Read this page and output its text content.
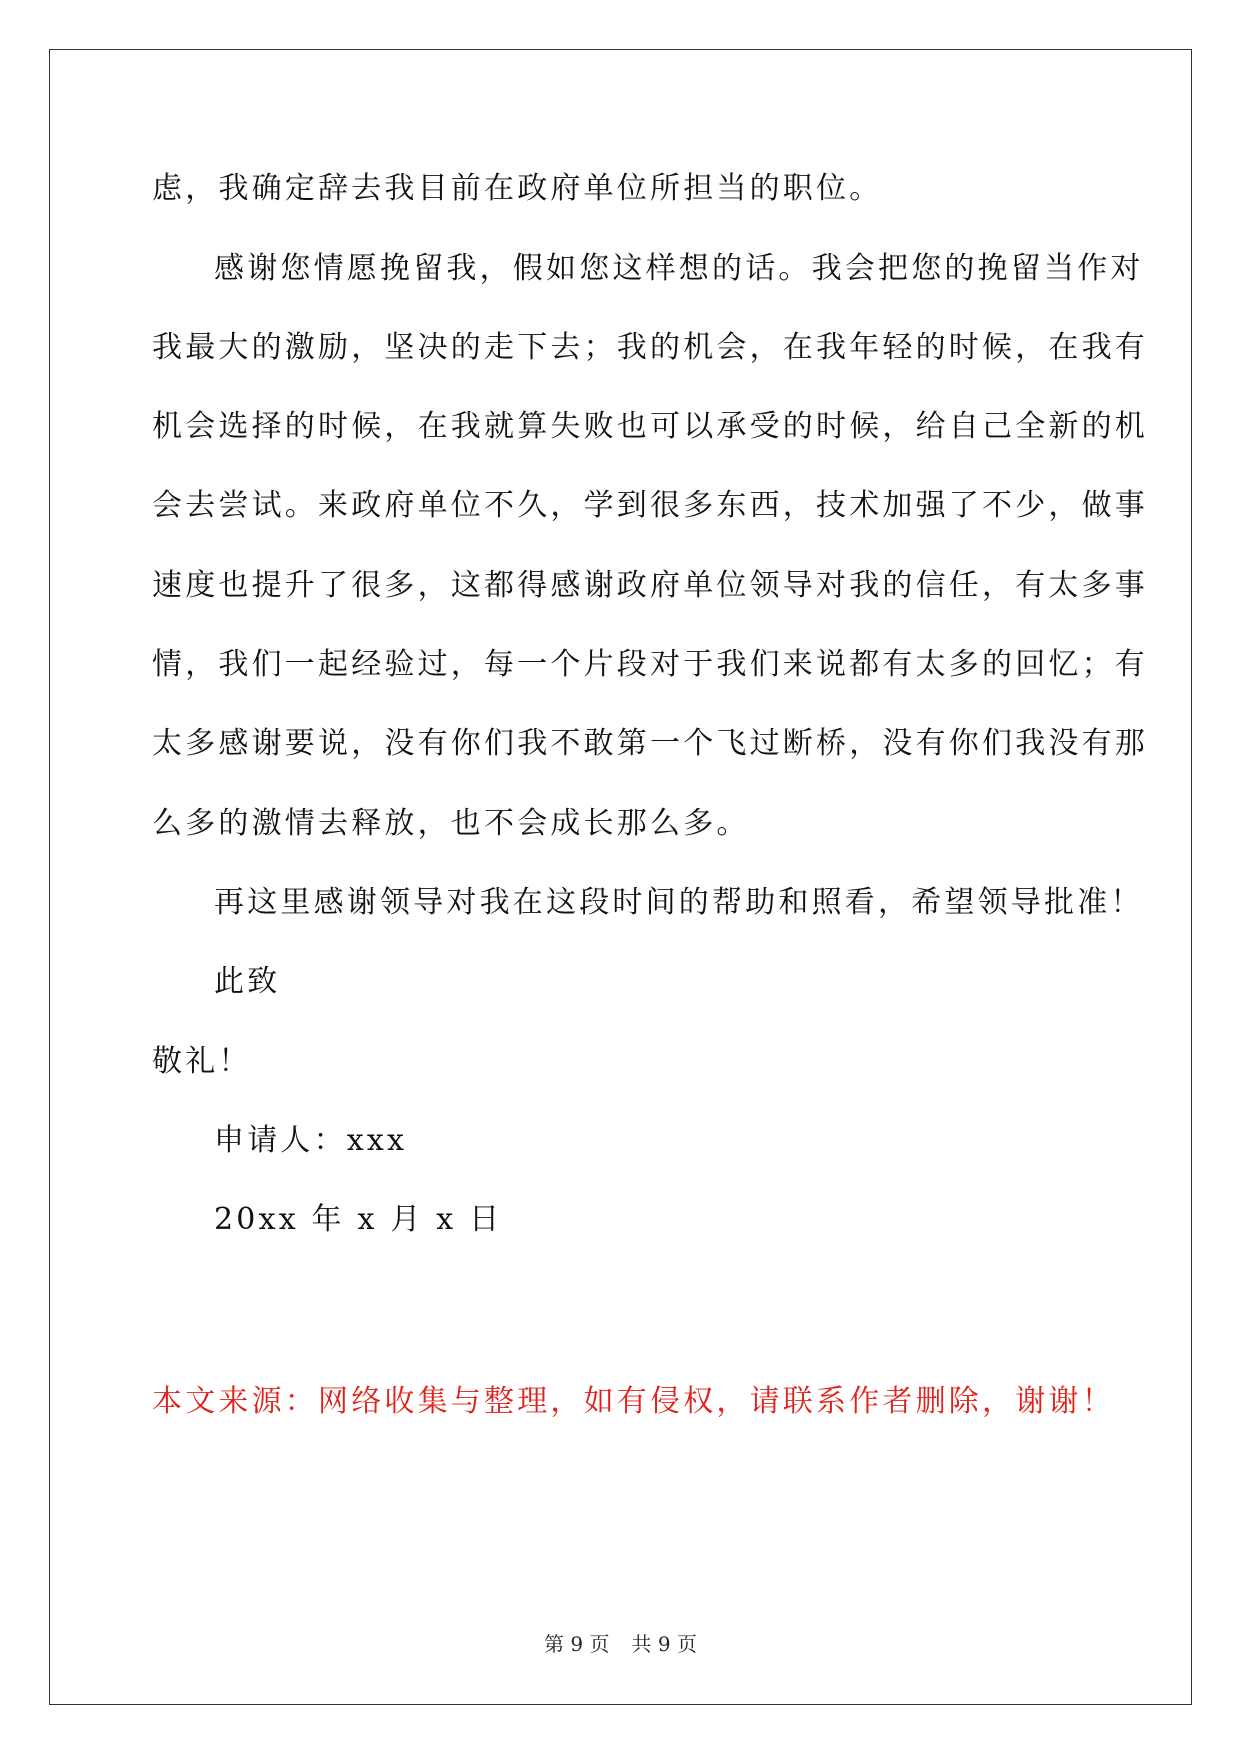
虑，我确定辞去我目前在政府单位所担当的职位。
感谢您情愿挽留我，假如您这样想的话。我会把您的挽留当作对
我最大的激励，坚决的走下去；我的机会，在我年轻的时候，在我有
机会选择的时候，在我就算失败也可以承受的时候，给自己全新的机
会去尝试。来政府单位不久，学到很多东西，技术加强了不少，做事
速度也提升了很多，这都得感谢政府单位领导对我的信任，有太多事
情，我们一起经验过，每一个片段对于我们来说都有太多的回忆；有
太多感谢要说，没有你们我不敢第一个飞过断桥，没有你们我没有那
么多的激情去释放，也不会成长那么多。
再这里感谢领导对我在这段时间的帮助和照看，希望领导批准！
此致
敬礼！
申请人：xxx
20xx 年 x 月 x 日
本文来源：网络收集与整理，如有侵权，请联系作者删除，谢谢！
第 9 页 共 9 页
